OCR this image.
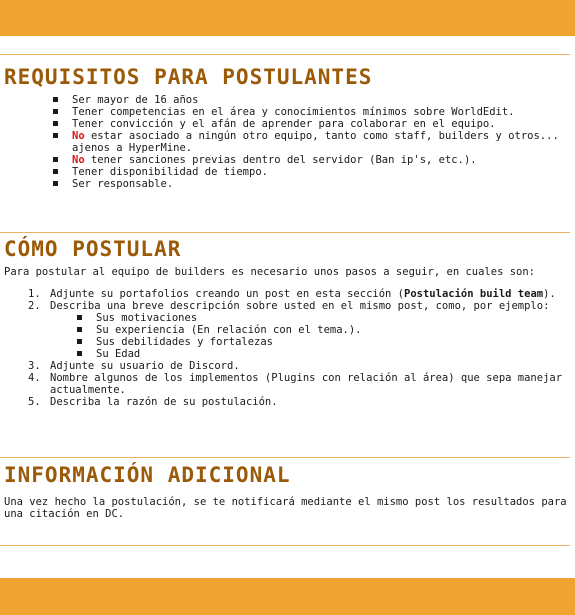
REQUISITOS PARA POSTULANTES
Ser mayor de 16 años
Tener competencias en el área y conocimientos mínimos sobre WorldEdit.
Tener convicción y el afán de aprender para colaborar en el equipo.
No estar asociado a ningún otro equipo, tanto como staff, builders y otros... ajenos a HyperMine.
No tener sanciones previas dentro del servidor (Ban ip's, etc.).
Tener disponibilidad de tiempo.
Ser responsable.
CÓMO POSTULAR

Para postular al equipo de builders es necesario unos pasos a seguir, en cuales son:

1. Adjunte su portafolios creando un post en esta sección (Postulación build team).
2. Describa una breve descripción sobre usted en el mismo post, como, por ejemplo:
Sus motivaciones
Su experiencia (En relación con el tema.).
Sus debilidades y fortalezas
Su Edad
3. Adjunte su usuario de Discord.
4. Nombre algunos de los implementos (Plugins con relación al área) que sepa manejar actualmente.
5. Describa la razón de su postulación.
INFORMACIÓN ADICIONAL

Una vez hecho la postulación, se te notificará mediante el mismo post los resultados para una citación en DC.
